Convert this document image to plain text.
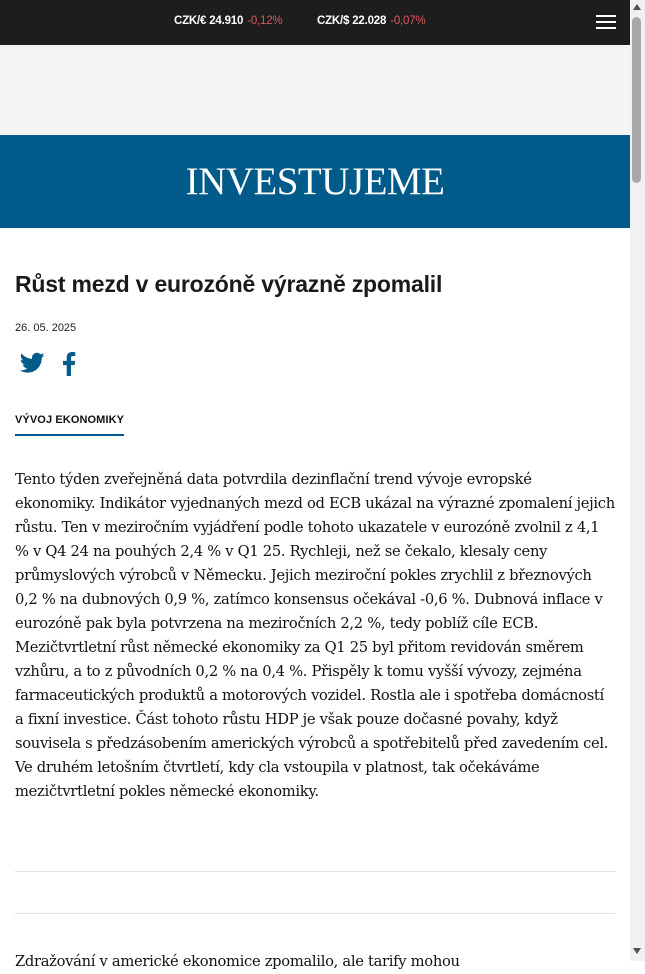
CZK/€ 24.910 -0,12%	CZK/$ 22.028 -0,07%
INVESTUJEME
Růst mezd v eurozóně výrazně zpomalil
26. 05. 2025
VÝVOJ EKONOMIKY

Tento týden zveřejněná data potvrdila dezinflační trend vývoje evropské ekonomiky. Indikátor vyjednaných mezd od ECB ukázal na výrazné zpomalení jejich růstu. Ten v meziročním vyjádření podle tohoto ukazatele v eurozóně zvolnil z 4,1 % v Q4 24 na pouhých 2,4 % v Q1 25. Rychleji, než se čekalo, klesaly ceny průmyslových výrobců v Německu. Jejich meziroční pokles zrychlil z březnových 0,2 % na dubnových 0,9 %, zatímco konsensus očekával -0,6 %. Dubnová inflace v eurozóně pak byla potvrzena na meziročních 2,2 %, tedy poblíž cíle ECB. Mezičtvrtletní růst německé ekonomiky za Q1 25 byl přitom revidován směrem vzhůru, a to z původních 0,2 % na 0,4 %. Přispěly k tomu vyšší vývozy, zejména farmaceutických produktů a motorových vozidel. Rostla ale i spotřeba domácností a fixní investice. Část tohoto růstu HDP je však pouze dočasné povahy, když souvisela s předzásobením amerických výrobců a spotřebitelů před zavedením cel. Ve druhém letošním čtvrtletí, kdy cla vstoupila v platnost, tak očekáváme mezičtvrtletní pokles německé ekonomiky.

Zdražování v americké ekonomice zpomalilo, ale tarify mohou
